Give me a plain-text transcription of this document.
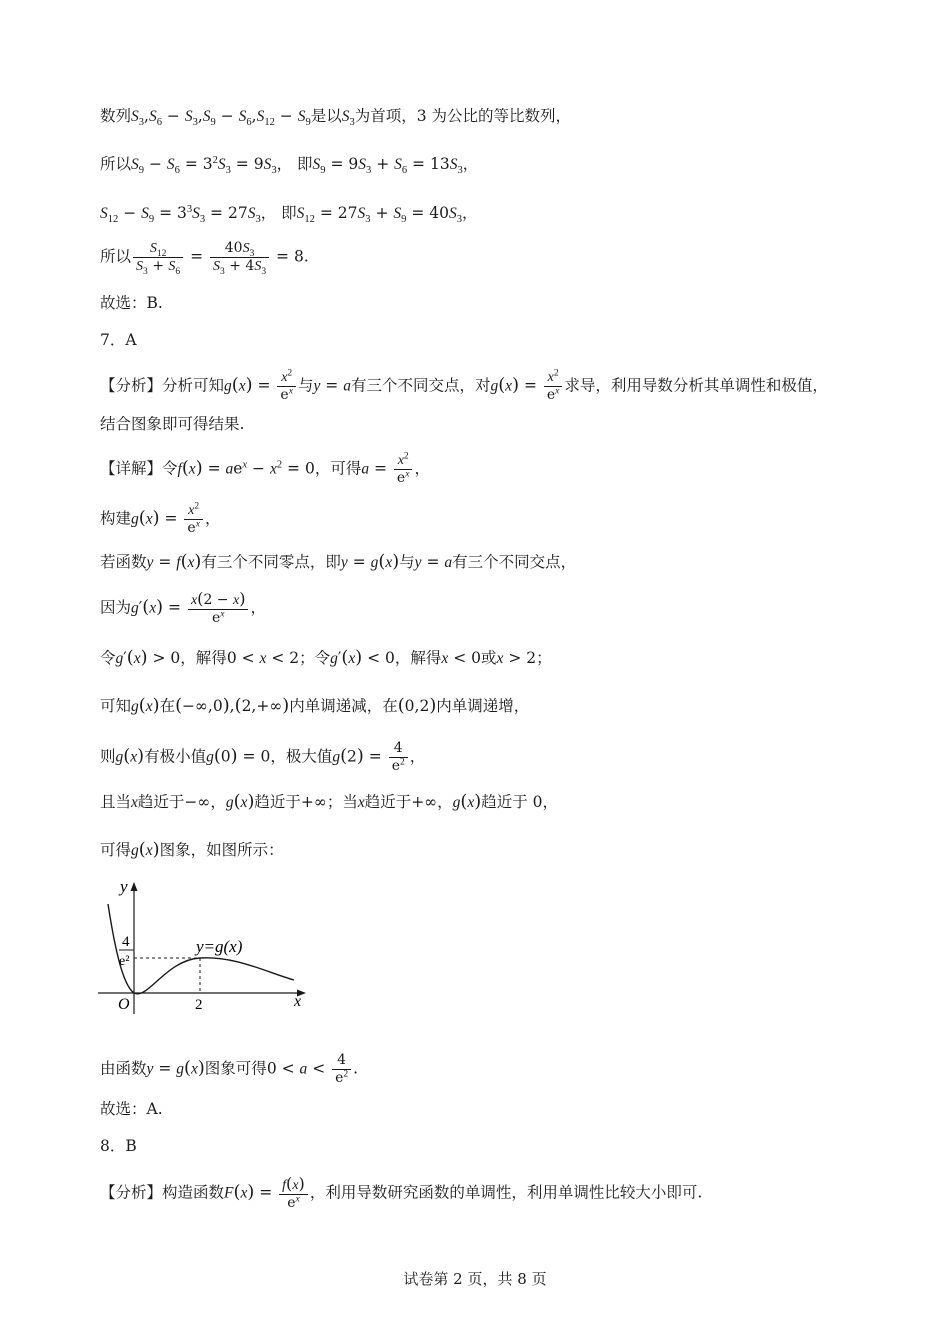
数列$S_3,S_6 - S_3,S_9 - S_6,S_{12} - S_9$是以$S_3$为首项，3 为公比的等比数列，
所以$S_9 - S_6 = 3^2S_3 = 9S_3$， 即$S_9 = 9S_3 + S_6 = 13S_3$，
$S_{12} - S_9 = 3^3S_3 = 27S_3$， 即$S_{12} = 27S_3 + S_9 = 40S_3$，
所以 $\frac{S_{12}}{S_3 + S_6} = \frac{40S_3}{S_3 + 4S_3} = 8$.
故选：B.
7．A
【分析】分析可知$g(x) = \frac{x^2}{e^x}$ 与y = a有三个不同交点，对$g(x) = \frac{x^2}{e^x}$ 求导，利用导数分析其单调性和极值，
结合图象即可得结果.
【详解】令$f(x) = ae^x - x^2 = 0$，可得$a = \frac{x^2}{e^x}$ ，
构建$g(x) = \frac{x^2}{e^x}$ ，
若函数y = f(x)有三个不同零点，即y = g(x)与y = a有三个不同交点，
因为$g'(x) = \frac{x(2 - x)}{e^x}$ ，
令g′(x) > 0，解得0 < x < 2；令g′(x) < 0，解得x < 0或x > 2；
可知g(x)在(−∞,0),(2,+∞)内单调递减，在(0,2)内单调递增，
则g(x)有极小值g(0) = 0，极大值$g(2) = \frac{4}{e^2}$ ，
且当x趋近于−∞，g(x)趋近于+∞；当x趋近于+∞，g(x)趋近于 0，
可得g(x)图象，如图所示：
y
x
O	2
4
e²
y=g(x)
由函数y = g(x)图象可得$0 < a < \frac{4}{e^2}$ .
故选：A.
8．B
【分析】构造函数$F(x) = \frac{f(x)}{e^x}$ ，利用导数研究函数的单调性，利用单调性比较大小即可.
试卷第 2 页，共 8 页
